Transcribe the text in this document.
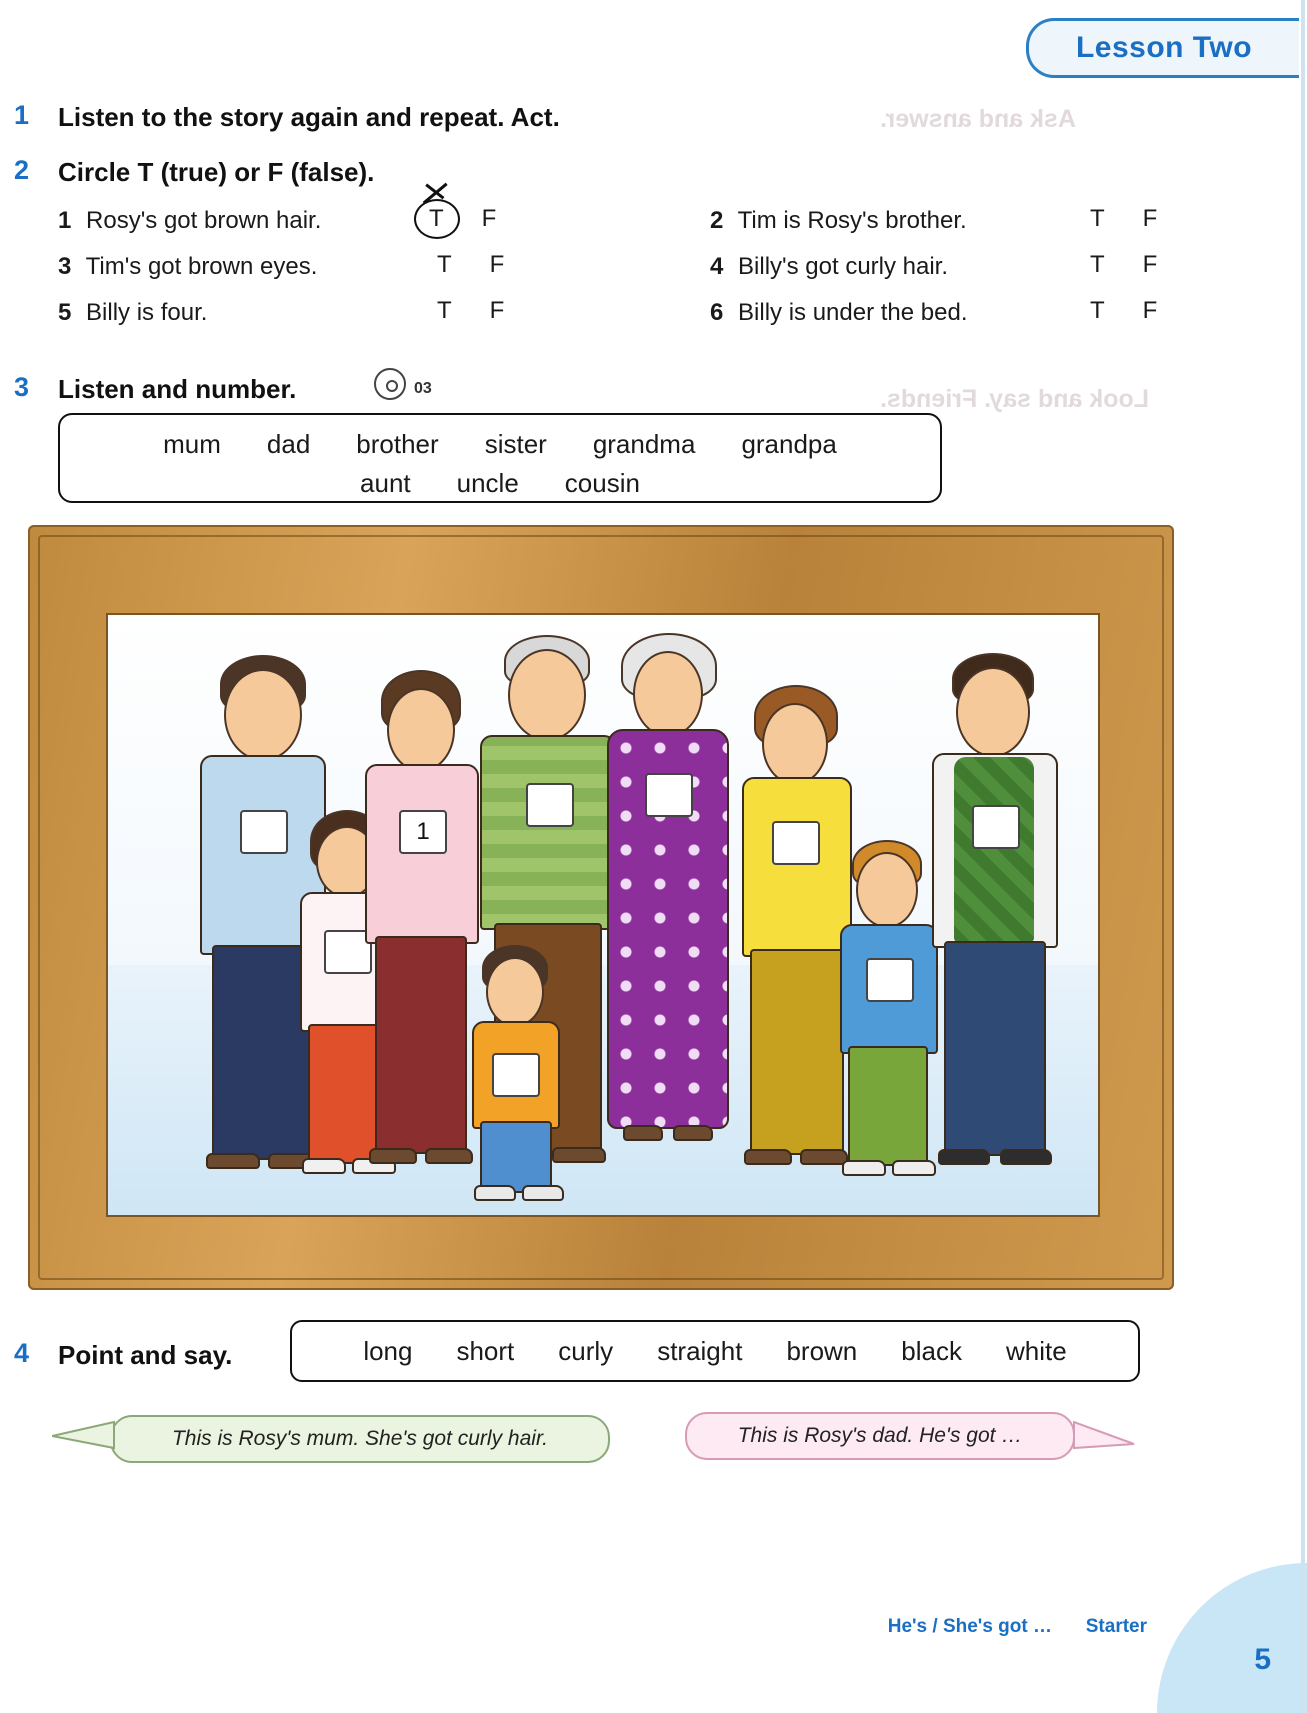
Ask and answer.
Look and say. Friends.
Lesson Two
1 Listen to the story again and repeat. Act.
2 Circle T (true) or F (false).
1 Rosy's got brown hair.	T F
3 Tim's got brown eyes.	T F
5 Billy is four.	T F
2 Tim is Rosy's brother.	T F
4 Billy's got curly hair.	T F
6 Billy is under the bed.	T F
3 Listen and number.	03
mum dad brother sister grandma grandpa
aunt uncle cousin
1
4 Point and say.	long short curly straight brown black white
This is Rosy's mum. She's got curly hair.	This is Rosy's dad. He's got …
He's / She's got … Starter
5
